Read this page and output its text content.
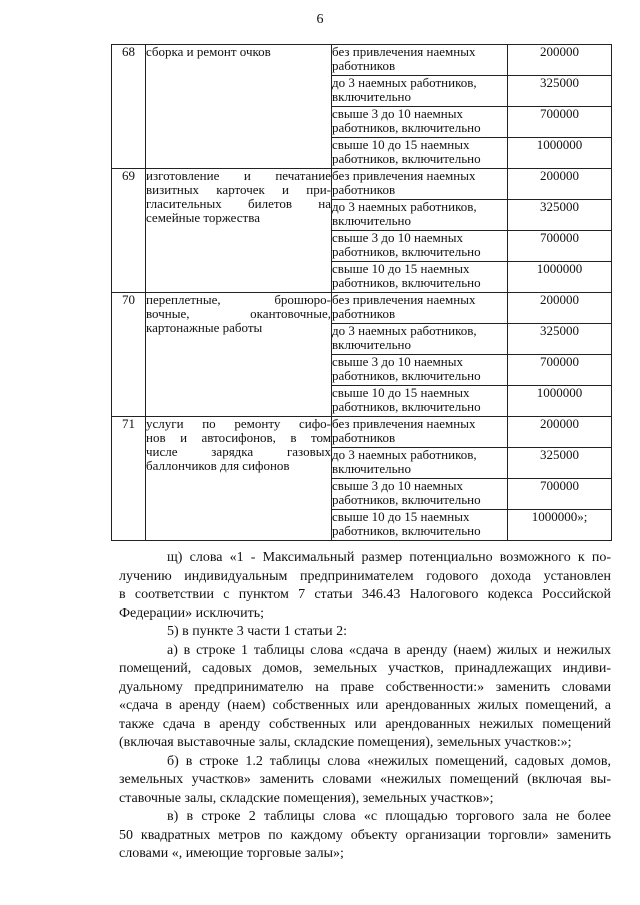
6
68	сборка и ремонт очков	без привлечения наемных работников	200000
		до 3 наемных работников, включительно	325000
		свыше 3 до 10 наемных работников, включительно	700000
		свыше 10 до 15 наемных работников, включительно	1000000
69	изготовление и печатание
визитных карточек и при-
гласительных билетов на
семейные торжества	без привлечения наемных работников	200000
		до 3 наемных работников, включительно	325000
		свыше 3 до 10 наемных работников, включительно	700000
		свыше 10 до 15 наемных работников, включительно	1000000
70	переплетные, брошюро-
вочные, окантовочные,
картонажные работы	без привлечения наемных работников	200000
		до 3 наемных работников, включительно	325000
		свыше 3 до 10 наемных работников, включительно	700000
		свыше 10 до 15 наемных работников, включительно	1000000
71	услуги по ремонту сифо-
нов и автосифонов, в том
числе зарядка газовых
баллончиков для сифонов	без привлечения наемных работников	200000
		до 3 наемных работников, включительно	325000
		свыше 3 до 10 наемных работников, включительно	700000
		свыше 10 до 15 наемных работников, включительно	1000000»;

щ) слова «1 - Максимальный размер потенциально возможного к по-
лучению индивидуальным предпринимателем годового дохода установлен
в соответствии с пунктом 7 статьи 346.43 Налогового кодекса Российской
Федерации» исключить;

5) в пункте 3 части 1 статьи 2:

а) в строке 1 таблицы слова «сдача в аренду (наем) жилых и нежилых
помещений, садовых домов, земельных участков, принадлежащих индиви-
дуальному предпринимателю на праве собственности:» заменить словами
«сдача в аренду (наем) собственных или арендованных жилых помещений, а
также сдача в аренду собственных или арендованных нежилых помещений
(включая выставочные залы, складские помещения), земельных участков:»;

б) в строке 1.2 таблицы слова «нежилых помещений, садовых домов,
земельных участков» заменить словами «нежилых помещений (включая вы-
ставочные залы, складские помещения), земельных участков»;

в) в строке 2 таблицы слова «с площадью торгового зала не более
50 квадратных метров по каждому объекту организации торговли» заменить
словами «, имеющие торговые залы»;
